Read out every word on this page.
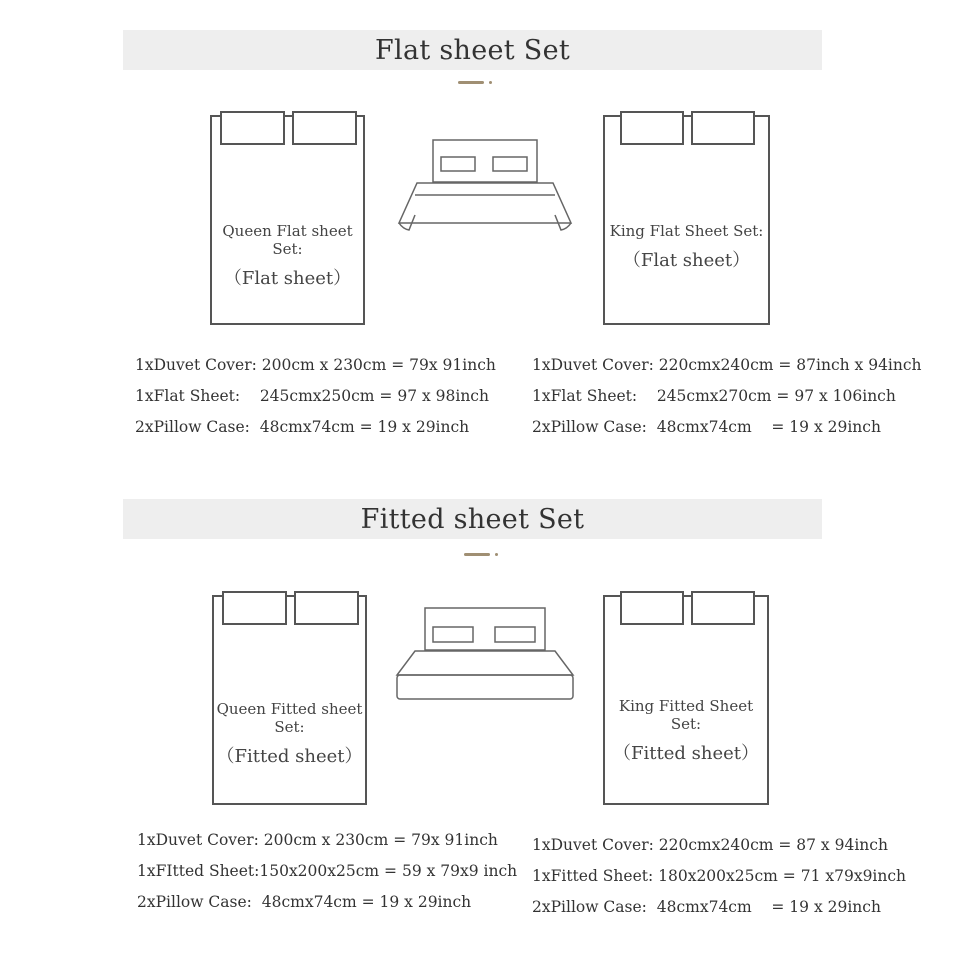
Flat sheet Set
Queen Flat sheet Set:
（Flat sheet）
King Flat Sheet Set:
（Flat sheet）
1xDuvet Cover: 200cm x 230cm = 79x 91inch
1xFlat Sheet:    245cmx250cm = 97 x 98inch
2xPillow Case:  48cmx74cm = 19 x 29inch
1xDuvet Cover: 220cmx240cm = 87inch x 94inch
1xFlat Sheet:    245cmx270cm = 97 x 106inch
2xPillow Case:  48cmx74cm    = 19 x 29inch
Fitted sheet Set
Queen Fitted sheet Set:
（Fitted sheet）
King Fitted Sheet Set:
（Fitted sheet）
1xDuvet Cover: 200cm x 230cm = 79x 91inch
1xFItted Sheet:150x200x25cm = 59 x 79x9 inch
2xPillow Case:  48cmx74cm = 19 x 29inch
1xDuvet Cover: 220cmx240cm = 87 x 94inch
1xFitted Sheet: 180x200x25cm = 71 x79x9inch
2xPillow Case:  48cmx74cm    = 19 x 29inch
